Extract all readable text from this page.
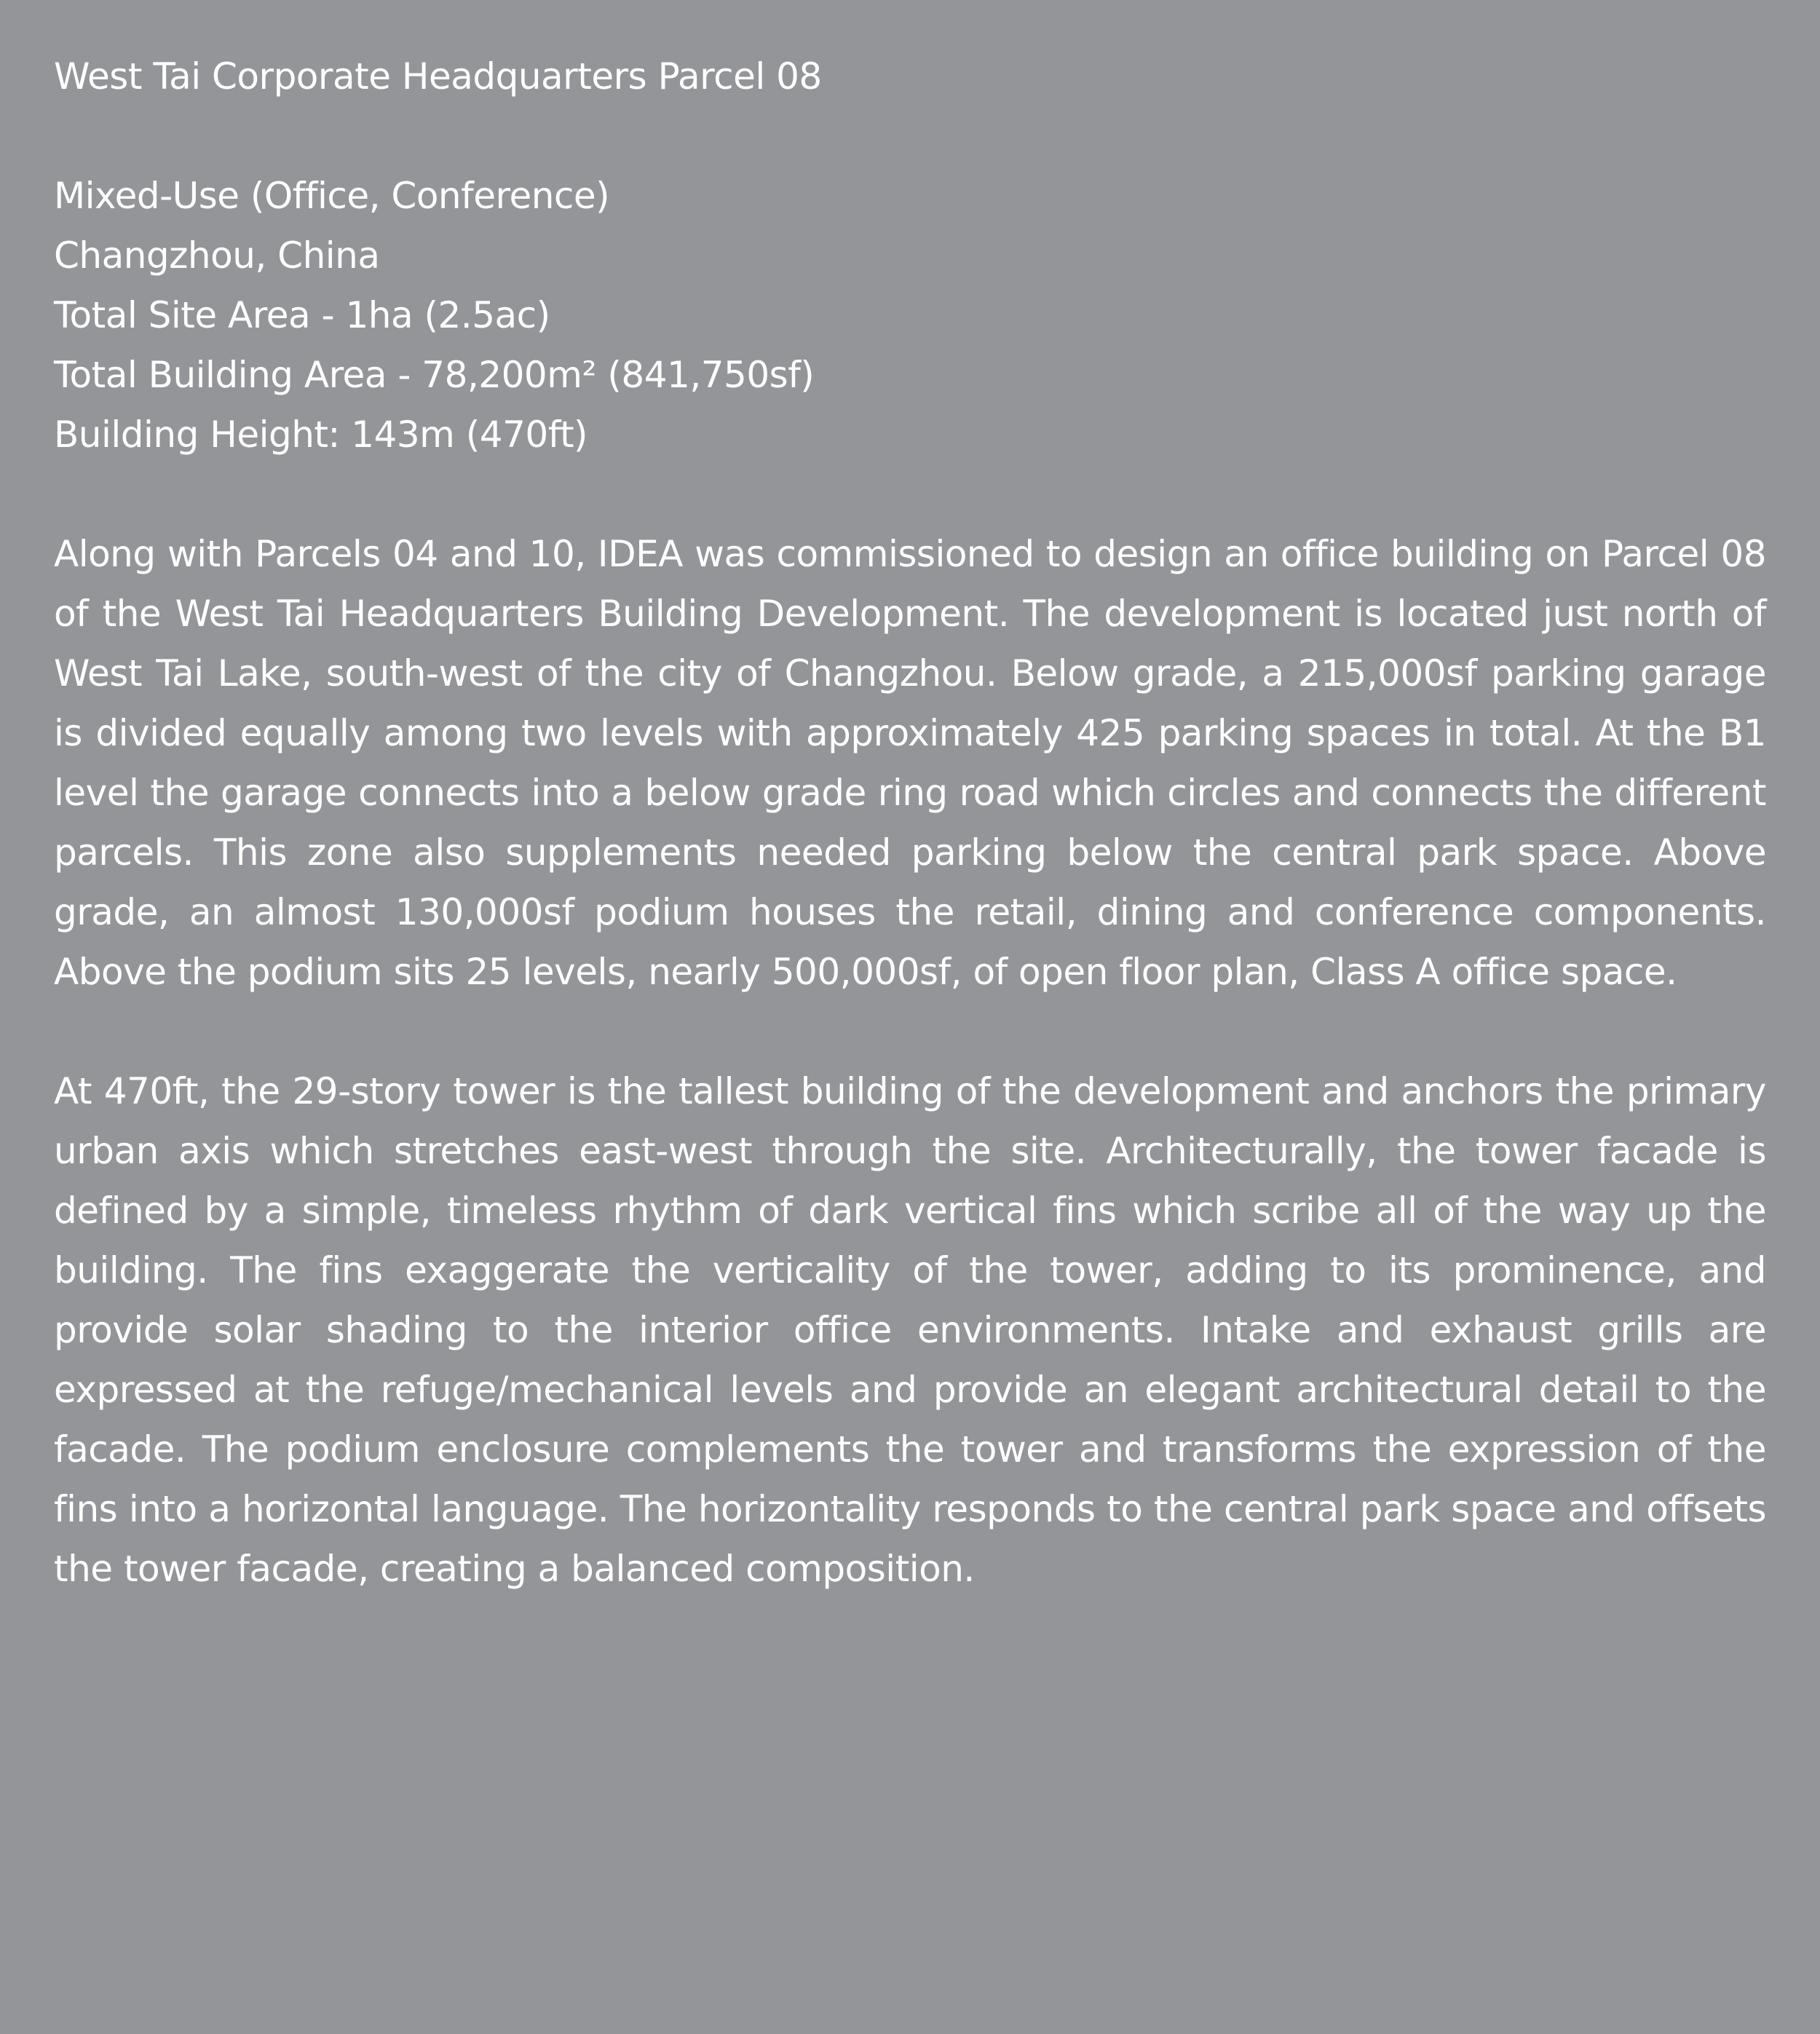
West Tai Corporate Headquarters Parcel 08
Mixed-Use (Office, Conference)
Changzhou, China
Total Site Area - 1ha (2.5ac)
Total Building Area - 78,200m² (841,750sf)
Building Height: 143m (470ft)

Along with Parcels 04 and 10, IDEA was commissioned to design an office building on Parcel 08 of the West Tai Headquarters Building Development. The development is located just north of West Tai Lake, south-west of the city of Changzhou. Below grade, a 215,000sf parking garage is divided equally among two levels with approximately 425 parking spaces in total. At the B1 level the garage connects into a below grade ring road which circles and connects the different parcels. This zone also supplements needed parking below the central park space. Above grade, an almost 130,000sf podium houses the retail, dining and conference components. Above the podium sits 25 levels, nearly 500,000sf, of open floor plan, Class A office space.

At 470ft, the 29-story tower is the tallest building of the development and anchors the primary urban axis which stretches east-west through the site. Architecturally, the tower facade is defined by a simple, timeless rhythm of dark vertical fins which scribe all of the way up the building. The fins exaggerate the verticality of the tower, adding to its prominence, and provide solar shading to the interior office environments. Intake and exhaust grills are expressed at the refuge/mechanical levels and provide an elegant architectural detail to the facade. The podium enclosure complements the tower and transforms the expression of the fins into a horizontal language. The horizontality responds to the central park space and offsets the tower facade, creating a balanced composition.
